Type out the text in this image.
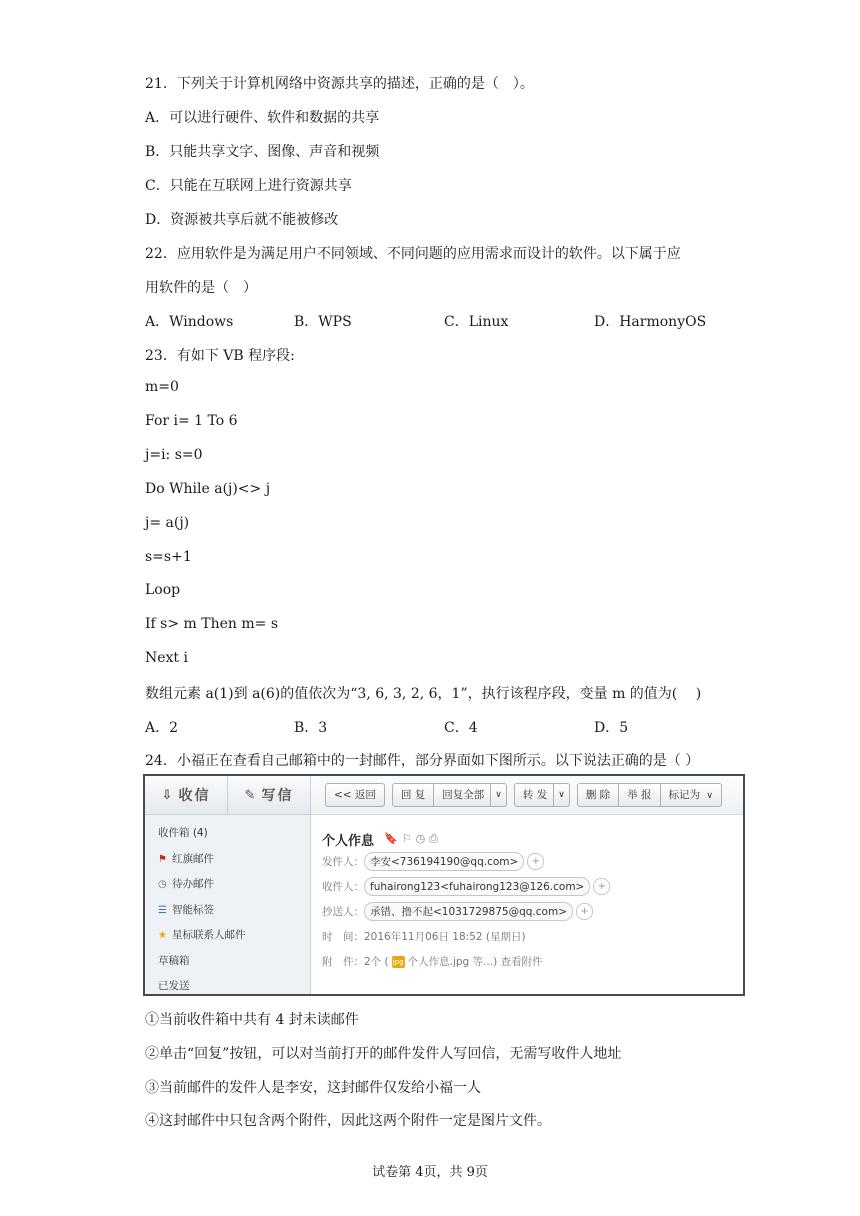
21．下列关于计算机网络中资源共享的描述，正确的是（　）。
A．可以进行硬件、软件和数据的共享
B．只能共享文字、图像、声音和视频
C．只能在互联网上进行资源共享
D．资源被共享后就不能被修改
22．应用软件是为满足用户不同领域、不同问题的应用需求而设计的软件。以下属于应
用软件的是（　）
A．Windows	B．WPS	C．Linux	D．HarmonyOS
23．有如下 VB 程序段:
m=0
For i= 1 To 6
j=i: s=0
Do While a(j)<> j
j= a(j)
s=s+1
Loop
If s> m Then m= s
Next i
数组元素 a(1)到 a(6)的值依次为“3, 6, 3, 2, 6，1”，执行该程序段，变量 m 的值为(　 )
A．2	B．3	C．4	D．5
24．小福正在查看自己邮箱中的一封邮件，部分界面如下图所示。以下说法正确的是（ ）
⇩ 收信	✎ 写信
收件箱 (4)
⚑ 红旗邮件
◷ 待办邮件
☰ 智能标签
★ 星标联系人邮件
草稿箱
已发送
<< 返回	回 复	回复全部	∨	转 发	∨	删 除	举 报	标记为 ∨
个人作息 🔖⚐◷⎙
发件人： 李安<736194190@qq.com>	+
收件人： fuhairong123<fuhairong123@126.com>	+
抄送人： 承错、撸不起<1031729875@qq.com>	+
时　间： 2016年11月06日 18:52 (星期日)
附　件： 2个 ( jpg 个人作息.jpg 等... ) 查看附件
①当前收件箱中共有 4 封未读邮件
②单击“回复”按钮，可以对当前打开的邮件发件人写回信，无需写收件人地址
③当前邮件的发件人是李安，这封邮件仅发给小福一人
④这封邮件中只包含两个附件，因此这两个附件一定是图片文件。
试卷第 4页，共 9页
